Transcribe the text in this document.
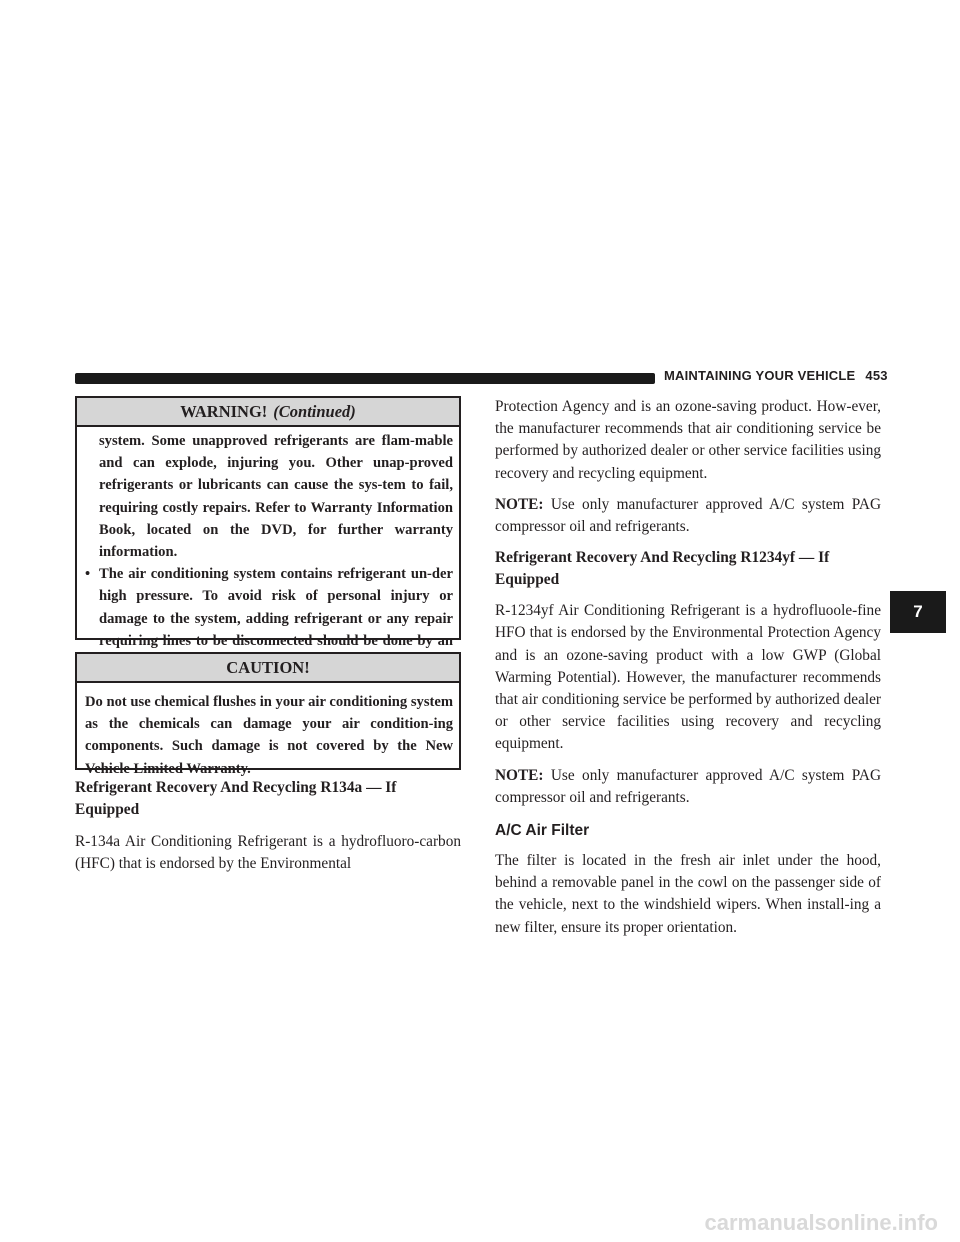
MAINTAINING YOUR VEHICLE 453
WARNING! (Continued)

system. Some unapproved refrigerants are flam-mable and can explode, injuring you. Other unap-proved refrigerants or lubricants can cause the sys-tem to fail, requiring costly repairs. Refer to Warranty Information Book, located on the DVD, for further warranty information.

• The air conditioning system contains refrigerant un-der high pressure. To avoid risk of personal injury or damage to the system, adding refrigerant or any repair requiring lines to be disconnected should be done by an

CAUTION!

Do not use chemical flushes in your air conditioning system as the chemicals can damage your air condition-ing components. Such damage is not covered by the New Vehicle Limited Warranty.

Refrigerant Recovery And Recycling R134a — If Equipped

R-134a Air Conditioning Refrigerant is a hydrofluoro-carbon (HFC) that is endorsed by the Environmental

Protection Agency and is an ozone-saving product. How-ever, the manufacturer recommends that air conditioning service be performed by authorized dealer or other service facilities using recovery and recycling equipment.

NOTE: Use only manufacturer approved A/C system PAG compressor oil and refrigerants.

Refrigerant Recovery And Recycling R1234yf — If Equipped

R-1234yf Air Conditioning Refrigerant is a hydrofluoole-fine HFO that is endorsed by the Environmental Protection Agency and is an ozone-saving product with a low GWP (Global Warming Potential). However, the manufacturer recommends that air conditioning service be performed by authorized dealer or other service facilities using recovery and recycling equipment.

NOTE: Use only manufacturer approved A/C system PAG compressor oil and refrigerants.

A/C Air Filter

The filter is located in the fresh air inlet under the hood, behind a removable panel in the cowl on the passenger side of the vehicle, next to the windshield wipers. When install-ing a new filter, ensure its proper orientation.

7
carmanualsonline.info
